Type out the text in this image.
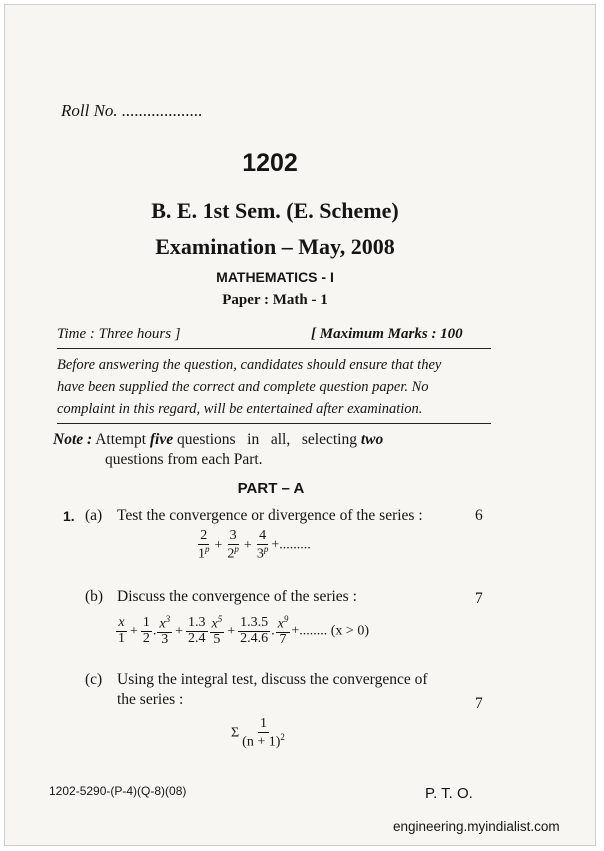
Roll No. ...................
1202
B. E. 1st Sem. (E. Scheme)
Examination – May, 2008
MATHEMATICS - I
Paper : Math - 1
Time : Three hours ]	[ Maximum Marks : 100
Before answering the question, candidates should ensure that they
have been supplied the correct and complete question paper. No
complaint in this regard, will be entertained after examination.
Note : Attempt five questions   in   all,   selecting two
questions from each Part.
PART – A
1. (a) Test the convergence or divergence of the series :	6
$\frac{2}{1^p} + \frac{3}{2^p} + \frac{4}{3^p}$ +.........
(b) Discuss the convergence of the series :	7
$\frac{x}{1} + \frac{1}{2}$ . $\frac{x^3}{3} + \frac{1.3}{2.4} \frac{x^5}{5} + \frac{1.3.5}{2.4.6}$ . $\frac{x^9}{7}$ +........ (x > 0)
(c) Using the integral test, discuss the convergence of
the series :	7
Σ $\frac{1}{(n + 1)^2}$
1202-5290-(P-4)(Q-8)(08)	P. T. O.
engineering.myindialist.com
